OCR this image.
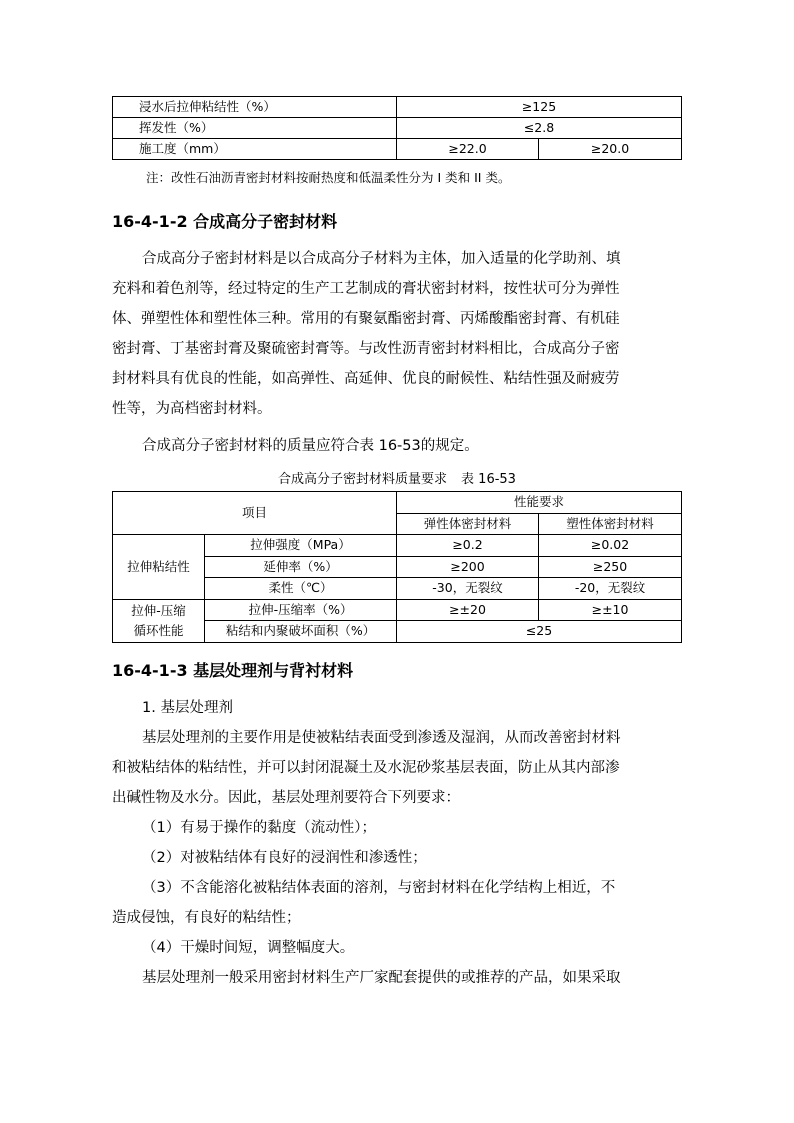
浸水后拉伸粘结性（%）	≥125	
挥发性（%）	≤2.8	
施工度（mm）	≥22.0	≥20.0
注：改性石油沥青密封材料按耐热度和低温柔性分为 I 类和 II 类。
16-4-1-2 合成高分子密封材料

合成高分子密封材料是以合成高分子材料为主体，加入适量的化学助剂、填

充料和着色剂等，经过特定的生产工艺制成的膏状密封材料，按性状可分为弹性

体、弹塑性体和塑性体三种。常用的有聚氨酯密封膏、丙烯酸酯密封膏、有机硅

密封膏、丁基密封膏及聚硫密封膏等。与改性沥青密封材料相比，合成高分子密

封材料具有优良的性能，如高弹性、高延伸、优良的耐候性、粘结性强及耐疲劳

性等，为高档密封材料。

合成高分子密封材料的质量应符合表 16-53的规定。

合成高分子密封材料质量要求 表 16-53
项目		性能要求	
		弹性体密封材料	塑性体密封材料
拉伸粘结性	拉伸强度（MPa）	≥0.2	≥0.02
	延伸率（%）	≥200	≥250
	柔性（℃）	-30，无裂纹	-20，无裂纹

拉伸-压缩
循环性能	拉伸-压缩率（%）	≥±20	≥±10
	粘结和内聚破坏面积（%）	≤25	
16-4-1-3 基层处理剂与背衬材料

1. 基层处理剂

基层处理剂的主要作用是使被粘结表面受到渗透及湿润，从而改善密封材料

和被粘结体的粘结性，并可以封闭混凝土及水泥砂浆基层表面，防止从其内部渗

出碱性物及水分。因此，基层处理剂要符合下列要求：

（1）有易于操作的黏度（流动性）；

（2）对被粘结体有良好的浸润性和渗透性；

（3）不含能溶化被粘结体表面的溶剂，与密封材料在化学结构上相近，不

造成侵蚀，有良好的粘结性；

（4）干燥时间短，调整幅度大。

基层处理剂一般采用密封材料生产厂家配套提供的或推荐的产品，如果采取
